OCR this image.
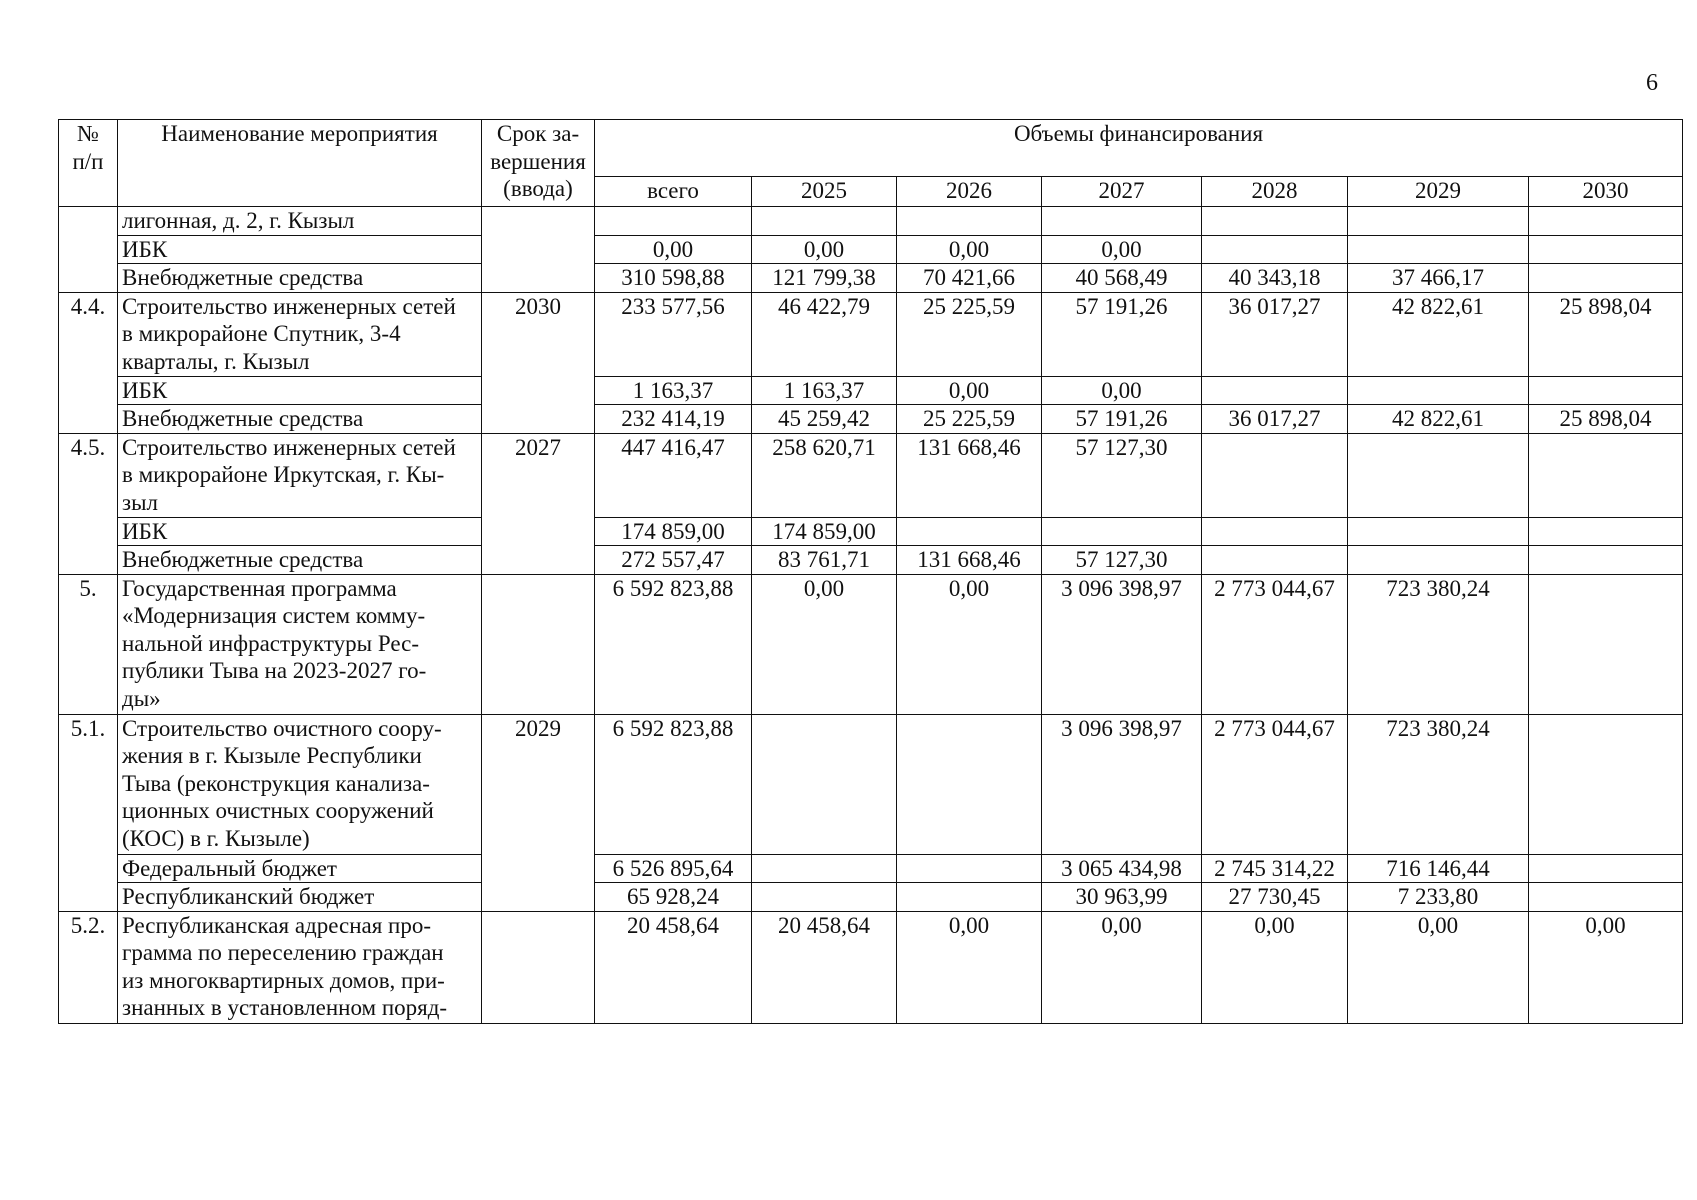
6
№
п/п	Наименование мероприятия	Срок за-
вершения
(ввода)	Объемы финансирования						
			всего	2025	2026	2027	2028	2029	2030
	лигонная, д. 2, г. Кызыл								
	ИБК		0,00	0,00	0,00	0,00			
	Внебюджетные средства		310 598,88	121 799,38	70 421,66	40 568,49	40 343,18	37 466,17	
4.4.	Строительство инженерных сетей
в микрорайоне Спутник, 3-4
кварталы, г. Кызыл	2030	233 577,56	46 422,79	25 225,59	57 191,26	36 017,27	42 822,61	25 898,04
	ИБК		1 163,37	1 163,37	0,00	0,00			
	Внебюджетные средства		232 414,19	45 259,42	25 225,59	57 191,26	36 017,27	42 822,61	25 898,04
4.5.	Строительство инженерных сетей
в микрорайоне Иркутская, г. Кы-
зыл	2027	447 416,47	258 620,71	131 668,46	57 127,30			
	ИБК		174 859,00	174 859,00					
	Внебюджетные средства		272 557,47	83 761,71	131 668,46	57 127,30			
5.	Государственная программа
«Модернизация систем комму-
нальной инфраструктуры Рес-
публики Тыва на 2023-2027 го-
ды»		6 592 823,88	0,00	0,00	3 096 398,97	2 773 044,67	723 380,24	
5.1.	Строительство очистного соору-
жения в г. Кызыле Республики
Тыва (реконструкция канализа-
ционных очистных сооружений
(КОС) в г. Кызыле)	2029	6 592 823,88			3 096 398,97	2 773 044,67	723 380,24	
	Федеральный бюджет		6 526 895,64			3 065 434,98	2 745 314,22	716 146,44	
	Республиканский бюджет		65 928,24			30 963,99	27 730,45	7 233,80	
5.2.	Республиканская адресная про-
грамма по переселению граждан
из многоквартирных домов, при-
знанных в установленном поряд-		20 458,64	20 458,64	0,00	0,00	0,00	0,00	0,00
